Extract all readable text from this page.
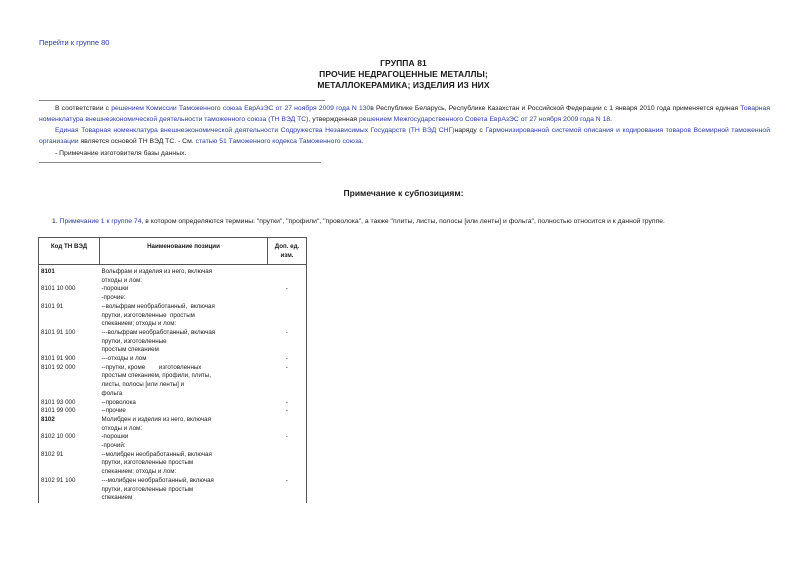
Перейти к группе 80
ГРУППА 81
ПРОЧИЕ НЕДРАГОЦЕННЫЕ МЕТАЛЛЫ;
МЕТАЛЛОКЕРАМИКА; ИЗДЕЛИЯ ИЗ НИХ
В соответствии с решением Комиссии Таможенного союза ЕврАзЭС от 27 ноября 2009 года N 130в Республике Беларусь, Республике Казахстан и Российской Федерации с 1 января 2010 года применяется единая Товарная номенклатура внешнеэкономической деятельности таможенного союза (ТН ВЭД ТС), утвержденная решением Межгосударственного Совета ЕврАзЭС от 27 ноября 2009 года N 18.
Единая Товарная номенклатура внешнеэкономической деятельности Содружества Независимых Государств (ТН ВЭД СНГ)наряду с Гармонизированной системой описания и кодирования товаров Всемирной таможенной организации является основой ТН ВЭД ТС. - См. статью 51 Таможенного кодекса Таможенного союза.
- Примечание изготовителя базы данных.
Примечание к субпозициям:
1. Примечание 1 к группе 74, в котором определяются термины: "прутки", "профили", "проволока", а также "плиты, листы, полосы [или ленты] и фольга", полностью относится и к данной группе.
Код ТН ВЭД	Наименование позиции	Доп. ед. изм.
8101	Вольфрам и изделия из него, включая
отходы и лом:	

8101 10 000	-порошки	-

	-прочие:	

8101 91	--вольфрам необработанный,  включая
прутки, изготовленные  простым
спеканием; отходы и лом:	

8101 91 100	---вольфрам необработанный, включая
прутки, изготовленные
простым спеканием	-
8101 91 900	---отходы и лом	-
8101 92 000	--прутки, кроме        изготовленных
простым спеканием, профили, плиты,
листы, полосы [или ленты] и
фольга	-
8101 93 000	--проволока	-
8101 99 000	--прочие	-
8102	Молибден и изделия из него, включая
отходы и лом:	

8102 10 000	-порошки	-

	-прочий:	

8102 91	--молибден необработанный, включая
прутки, изготовленные простым
спеканием; отходы и лом:	

8102 91 100	---молибден необработанный, включая
прутки, изготовленные простым
спеканием	-
